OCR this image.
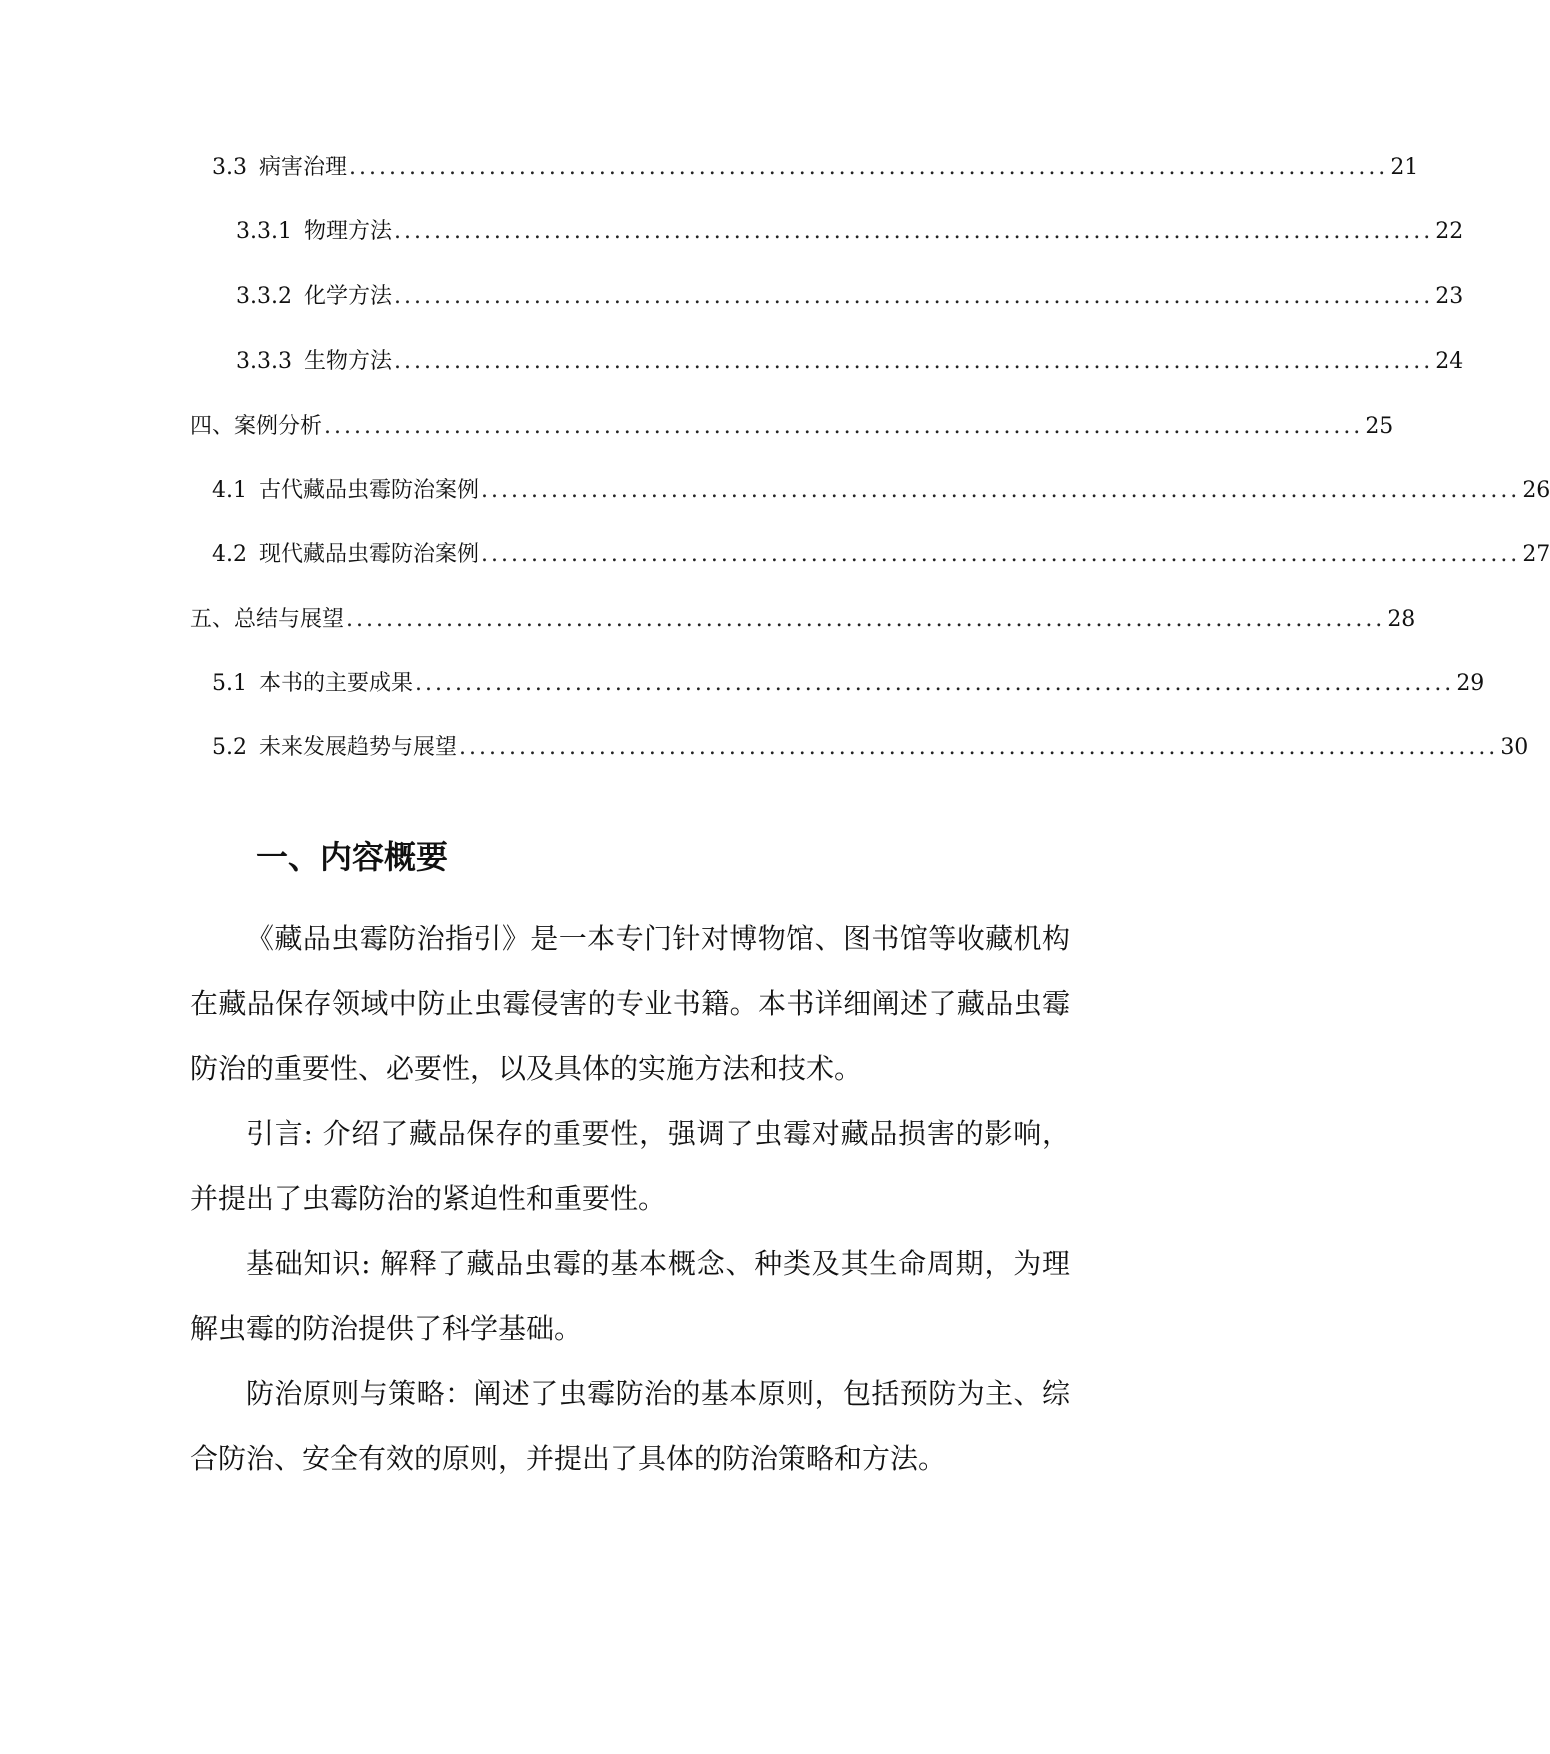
3.3 病害治理 ........................................................................................................ 21
3.3.1 物理方法 ........................................................................................................ 22
3.3.2 化学方法 ........................................................................................................ 23
3.3.3 生物方法 ........................................................................................................ 24
四、案例分析 ........................................................................................................ 25
4.1 古代藏品虫霉防治案例 ........................................................................................................ 26
4.2 现代藏品虫霉防治案例 ........................................................................................................ 27
五、总结与展望 ........................................................................................................ 28
5.1 本书的主要成果 ........................................................................................................ 29
5.2 未来发展趋势与展望 ........................................................................................................ 30
一、内容概要

《藏品虫霉防治指引》是一本专门针对博物馆、图书馆等收藏机构在藏品保存领域中防止虫霉侵害的专业书籍。本书详细阐述了藏品虫霉防治的重要性、必要性，以及具体的实施方法和技术。

引言: 介绍了藏品保存的重要性，强调了虫霉对藏品损害的影响，并提出了虫霉防治的紧迫性和重要性。

基础知识: 解释了藏品虫霉的基本概念、种类及其生命周期，为理解虫霉的防治提供了科学基础。

防治原则与策略：阐述了虫霉防治的基本原则，包括预防为主、综合防治、安全有效的原则，并提出了具体的防治策略和方法。
